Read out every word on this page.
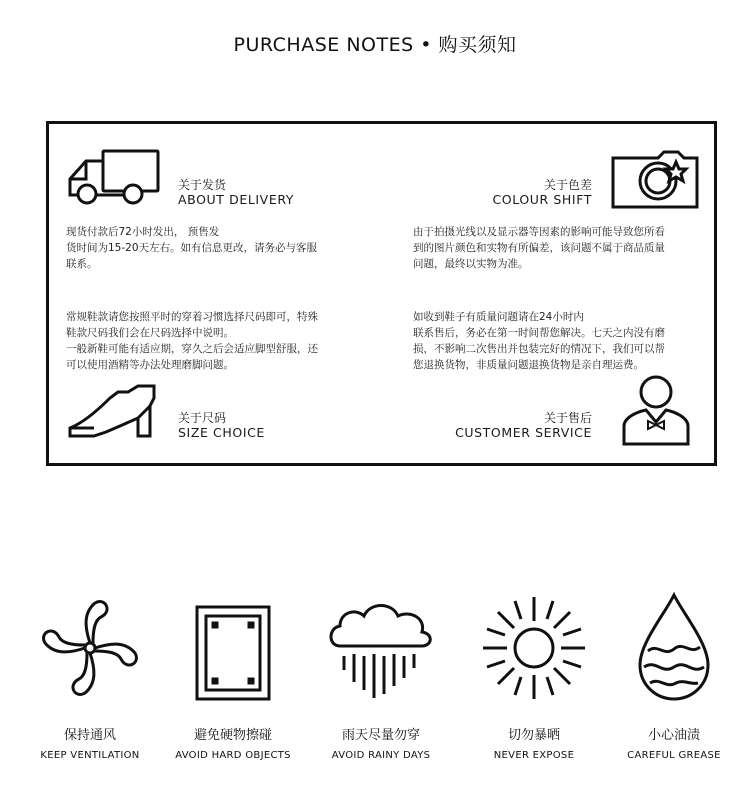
PURCHASE NOTES • 购买须知
关于发货
ABOUT DELIVERY

现货付款后72小时发出， 预售发

货时间为15-20天左右。如有信息更改，请务必与客服

联系。

关于色差
COLOUR SHIFT

由于拍摄光线以及显示器等因素的影响可能导致您所看

到的图片颜色和实物有所偏差，该问题不属于商品质量

问题，最终以实物为准。

常规鞋款请您按照平时的穿着习惯选择尺码即可，特殊

鞋款尺码我们会在尺码选择中说明。

一般新鞋可能有适应期，穿久之后会适应脚型舒服，还

可以使用酒精等办法处理磨脚问题。

关于尺码
SIZE CHOICE

如收到鞋子有质量问题请在24小时内

联系售后，务必在第一时间帮您解决。七天之内没有磨

损，不影响二次售出并包装完好的情况下，我们可以帮

您退换货物，非质量问题退换货物是亲自理运费。

关于售后
CUSTOMER SERVICE
保持通风
KEEP VENTILATION
避免硬物擦碰
AVOID HARD OBJECTS
雨天尽量勿穿
AVOID RAINY DAYS
切勿暴晒
NEVER EXPOSE
小心油渍
CAREFUL GREASE
